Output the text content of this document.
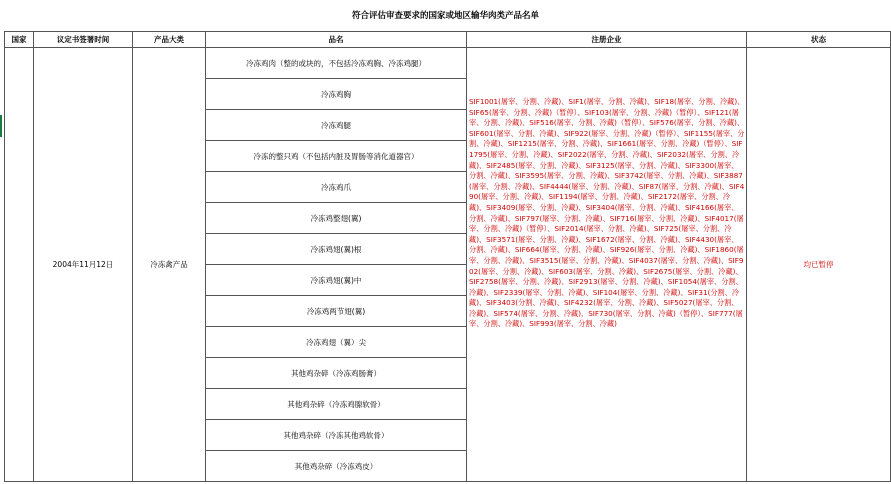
符合评估审查要求的国家或地区输华肉类产品名单
国家	议定书签署时间	产品大类	品名	注册企业	状态
	2004年11月12日	冷冻禽产品	冷冻鸡肉（整的或块的，不包括冷冻鸡胸、冷冻鸡腿）	SIF1001(屠宰、分割、冷藏)、SIF1(屠宰、分割、冷藏)、SIF18(屠宰、分割、冷藏)、SIF65(屠宰、分割、冷藏)（暂停）、SIF103(屠宰、分割、冷藏)（暂停）、SIF121(屠宰、分割、冷藏)、SIF516(屠宰、分割、冷藏)（暂停）、SIF576(屠宰、分割、冷藏)、SIF601(屠宰、分割、冷藏)、SIF922(屠宰、分割、冷藏)（暂停）、SIF1155(屠宰、分割、冷藏)、SIF1215(屠宰、分割、冷藏)、SIF1661(屠宰、分割、冷藏)（暂停）、SIF1795(屠宰、分割、冷藏)、SIF2022(屠宰、分割、冷藏)、SIF2032(屠宰、分割、冷藏)、SIF2485(屠宰、分割、冷藏)、SIF3125(屠宰、分割、冷藏)、SIF3300(屠宰、分割、冷藏)、SIF3595(屠宰、分割、冷藏)、SIF3742(屠宰、分割、冷藏)、SIF3887(屠宰、分割、冷藏)、SIF4444(屠宰、分割、冷藏)、SIF87(屠宰、分割、冷藏)、SIF490(屠宰、分割、冷藏)、SIF1194(屠宰、分割、冷藏)、SIF2172(屠宰、分割、冷藏)、SIF3409(屠宰、分割、冷藏)、SIF3404(屠宰、分割、冷藏)、SIF4166(屠宰、分割、冷藏)、SIF797(屠宰、分割、冷藏)、SIF716(屠宰、分割、冷藏)、SIF4017(屠宰、分割、冷藏)（暂停）、SIF2014(屠宰、分割、冷藏)、SIF725(屠宰、分割、冷藏)、SIF3571(屠宰、分割、冷藏)、SIF1672(屠宰、分割、冷藏)、SIF4430(屠宰、分割、冷藏)、SIF664(屠宰、分割、冷藏)、SIF926(屠宰、分割、冷藏)、SIF1860(屠宰、分割、冷藏)、SIF3515(屠宰、分割、冷藏)、SIF4037(屠宰、分割、冷藏)、SIF902(屠宰、分割、冷藏)、SIF603(屠宰、分割、冷藏)、SIF2675(屠宰、分割、冷藏)、SIF2758(屠宰、分割、冷藏)、SIF2913(屠宰、分割、冷藏)、SIF1054(屠宰、分割、冷藏)、SIF2339(屠宰、分割、冷藏)、SIF104(屠宰、分割、冷藏)、SIF31(分割、冷藏)、SIF3403(分割、冷藏)、SIF4232(屠宰、分割、冷藏)、SIF5027(屠宰、分割、冷藏)、SIF574(屠宰、分割、冷藏)、SIF730(屠宰、分割、冷藏)（暂停）、SIF777(屠宰、分割、冷藏)、SIF993(屠宰、分割、冷藏)	均已暂停
			冷冻鸡胸		
			冷冻鸡腿		
			冷冻的整只鸡（不包括内脏及胃肠等消化道器官）		
			冷冻鸡爪		
			冷冻鸡整翅(翼)		
			冷冻鸡翅(翼)根		
			冷冻鸡翅(翼)中		
			冷冻鸡两节翅(翼)		
			冷冻鸡翅（翼）尖		
			其他鸡杂碎（冷冻鸡肠膏）		
			其他鸡杂碎（冷冻鸡腺软骨）		
			其他鸡杂碎（冷冻其他鸡软骨）		
			其他鸡杂碎（冷冻鸡皮）		
